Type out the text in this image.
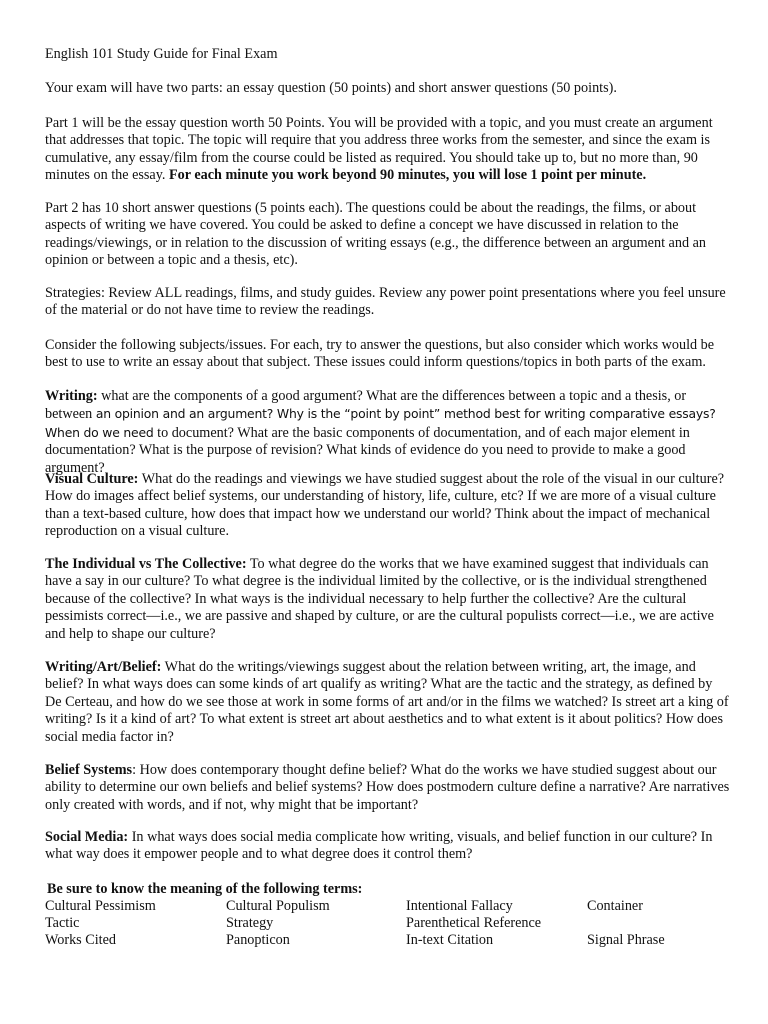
English 101 Study Guide for Final Exam

Your exam will have two parts: an essay question (50 points) and short answer questions (50 points).

Part 1 will be the essay question worth 50 Points. You will be provided with a topic, and you must create an argument that addresses that topic. The topic will require that you address three works from the semester, and since the exam is cumulative, any essay/film from the course could be listed as required. You should take up to, but no more than, 90 minutes on the essay. For each minute you work beyond 90 minutes, you will lose 1 point per minute.

Part 2 has 10 short answer questions (5 points each). The questions could be about the readings, the films, or about aspects of writing we have covered. You could be asked to define a concept we have discussed in relation to the readings/viewings, or in relation to the discussion of writing essays (e.g., the difference between an argument and an opinion or between a topic and a thesis, etc).

Strategies: Review ALL readings, films, and study guides. Review any power point presentations where you feel unsure of the material or do not have time to review the readings.

Consider the following subjects/issues. For each, try to answer the questions, but also consider which works would be best to use to write an essay about that subject. These issues could inform questions/topics in both parts of the exam.

Writing: what are the components of a good argument? What are the differences between a topic and a thesis, or between an opinion and an argument? Why is the “point by point” method best for writing comparative essays? When do we need to document? What are the basic components of documentation, and of each major element in documentation? What is the purpose of revision? What kinds of evidence do you need to provide to make a good argument?

Visual Culture: What do the readings and viewings we have studied suggest about the role of the visual in our culture? How do images affect belief systems, our understanding of history, life, culture, etc? If we are more of a visual culture than a text-based culture, how does that impact how we understand our world? Think about the impact of mechanical reproduction on a visual culture.

The Individual vs The Collective: To what degree do the works that we have examined suggest that individuals can have a say in our culture? To what degree is the individual limited by the collective, or is the individual strengthened because of the collective? In what ways is the individual necessary to help further the collective? Are the cultural pessimists correct—i.e., we are passive and shaped by culture, or are the cultural populists correct—i.e., we are active and help to shape our culture?

Writing/Art/Belief: What do the writings/viewings suggest about the relation between writing, art, the image, and belief? In what ways does can some kinds of art qualify as writing? What are the tactic and the strategy, as defined by De Certeau, and how do we see those at work in some forms of art and/or in the films we watched? Is street art a king of writing? Is it a kind of art? To what extent is street art about aesthetics and to what extent is it about politics? How does social media factor in?

Belief Systems: How does contemporary thought define belief? What do the works we have studied suggest about our ability to determine our own beliefs and belief systems? How does postmodern culture define a narrative? Are narratives only created with words, and if not, why might that be important?

Social Media: In what ways does social media complicate how writing, visuals, and belief function in our culture? In what way does it empower people and to what degree does it control them?

Be sure to know the meaning of the following terms:

Cultural Pessimism	Cultural Populism	Intentional Fallacy	Container
Tactic	Strategy	Parenthetical Reference
Works Cited	Panopticon	In-text Citation	Signal Phrase
